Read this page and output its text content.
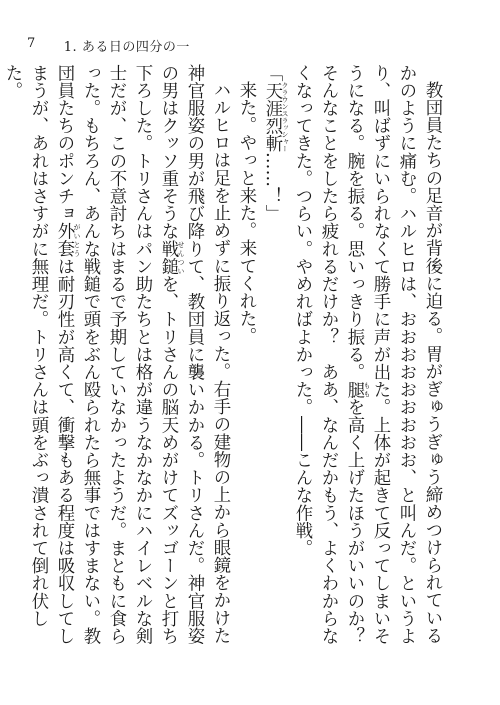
7 1. ある日の四分の一

教団員たちの足音が背後に迫る。胃がぎゅうぎゅう締めつけられているかのように痛む。ハルヒロは、おおおおおおおおお、と叫んだ。というより、叫ばずにいられなくて勝手に声が出た。上体が起きて反ってしまいそうになる。腕を振る。思いっきり振る。腿 ももを高く上げたほうがいいのか？　そんなことをしたら疲れるだけか？　ああ、なんだかもう、よくわからなくなってきた。つらい。やめればよかった。――こんな作戦。

「天涯烈斬 クラウンスラッシャー……！」

来た。やっと来た。来てくれた。

ハルヒロは足を止めずに振り返った。右手の建物の上から眼鏡をかけた神官服姿の男が飛び降りて、教団員に襲いかかる。トリさんだ。神官服姿の男はクッソ重そうな戦鎚 せんついを、トリさんの脳天めがけてズッゴーンと打ち下ろした。トリさんはパン助たちとは格が違うなかなかにハイレベルな剣士だが、この不意討ちはまるで予期していなかったようだ。まともに食らった。もちろん、あんな戦鎚で頭をぶん殴られたら無事ではすまない。教団員たちのポンチョ外套 がいとうは耐刃性が高くて、衝撃もある程度は吸収してしまうが、あれはさすがに無理だ。トリさんは頭をぶっ潰されて倒れ伏した。
